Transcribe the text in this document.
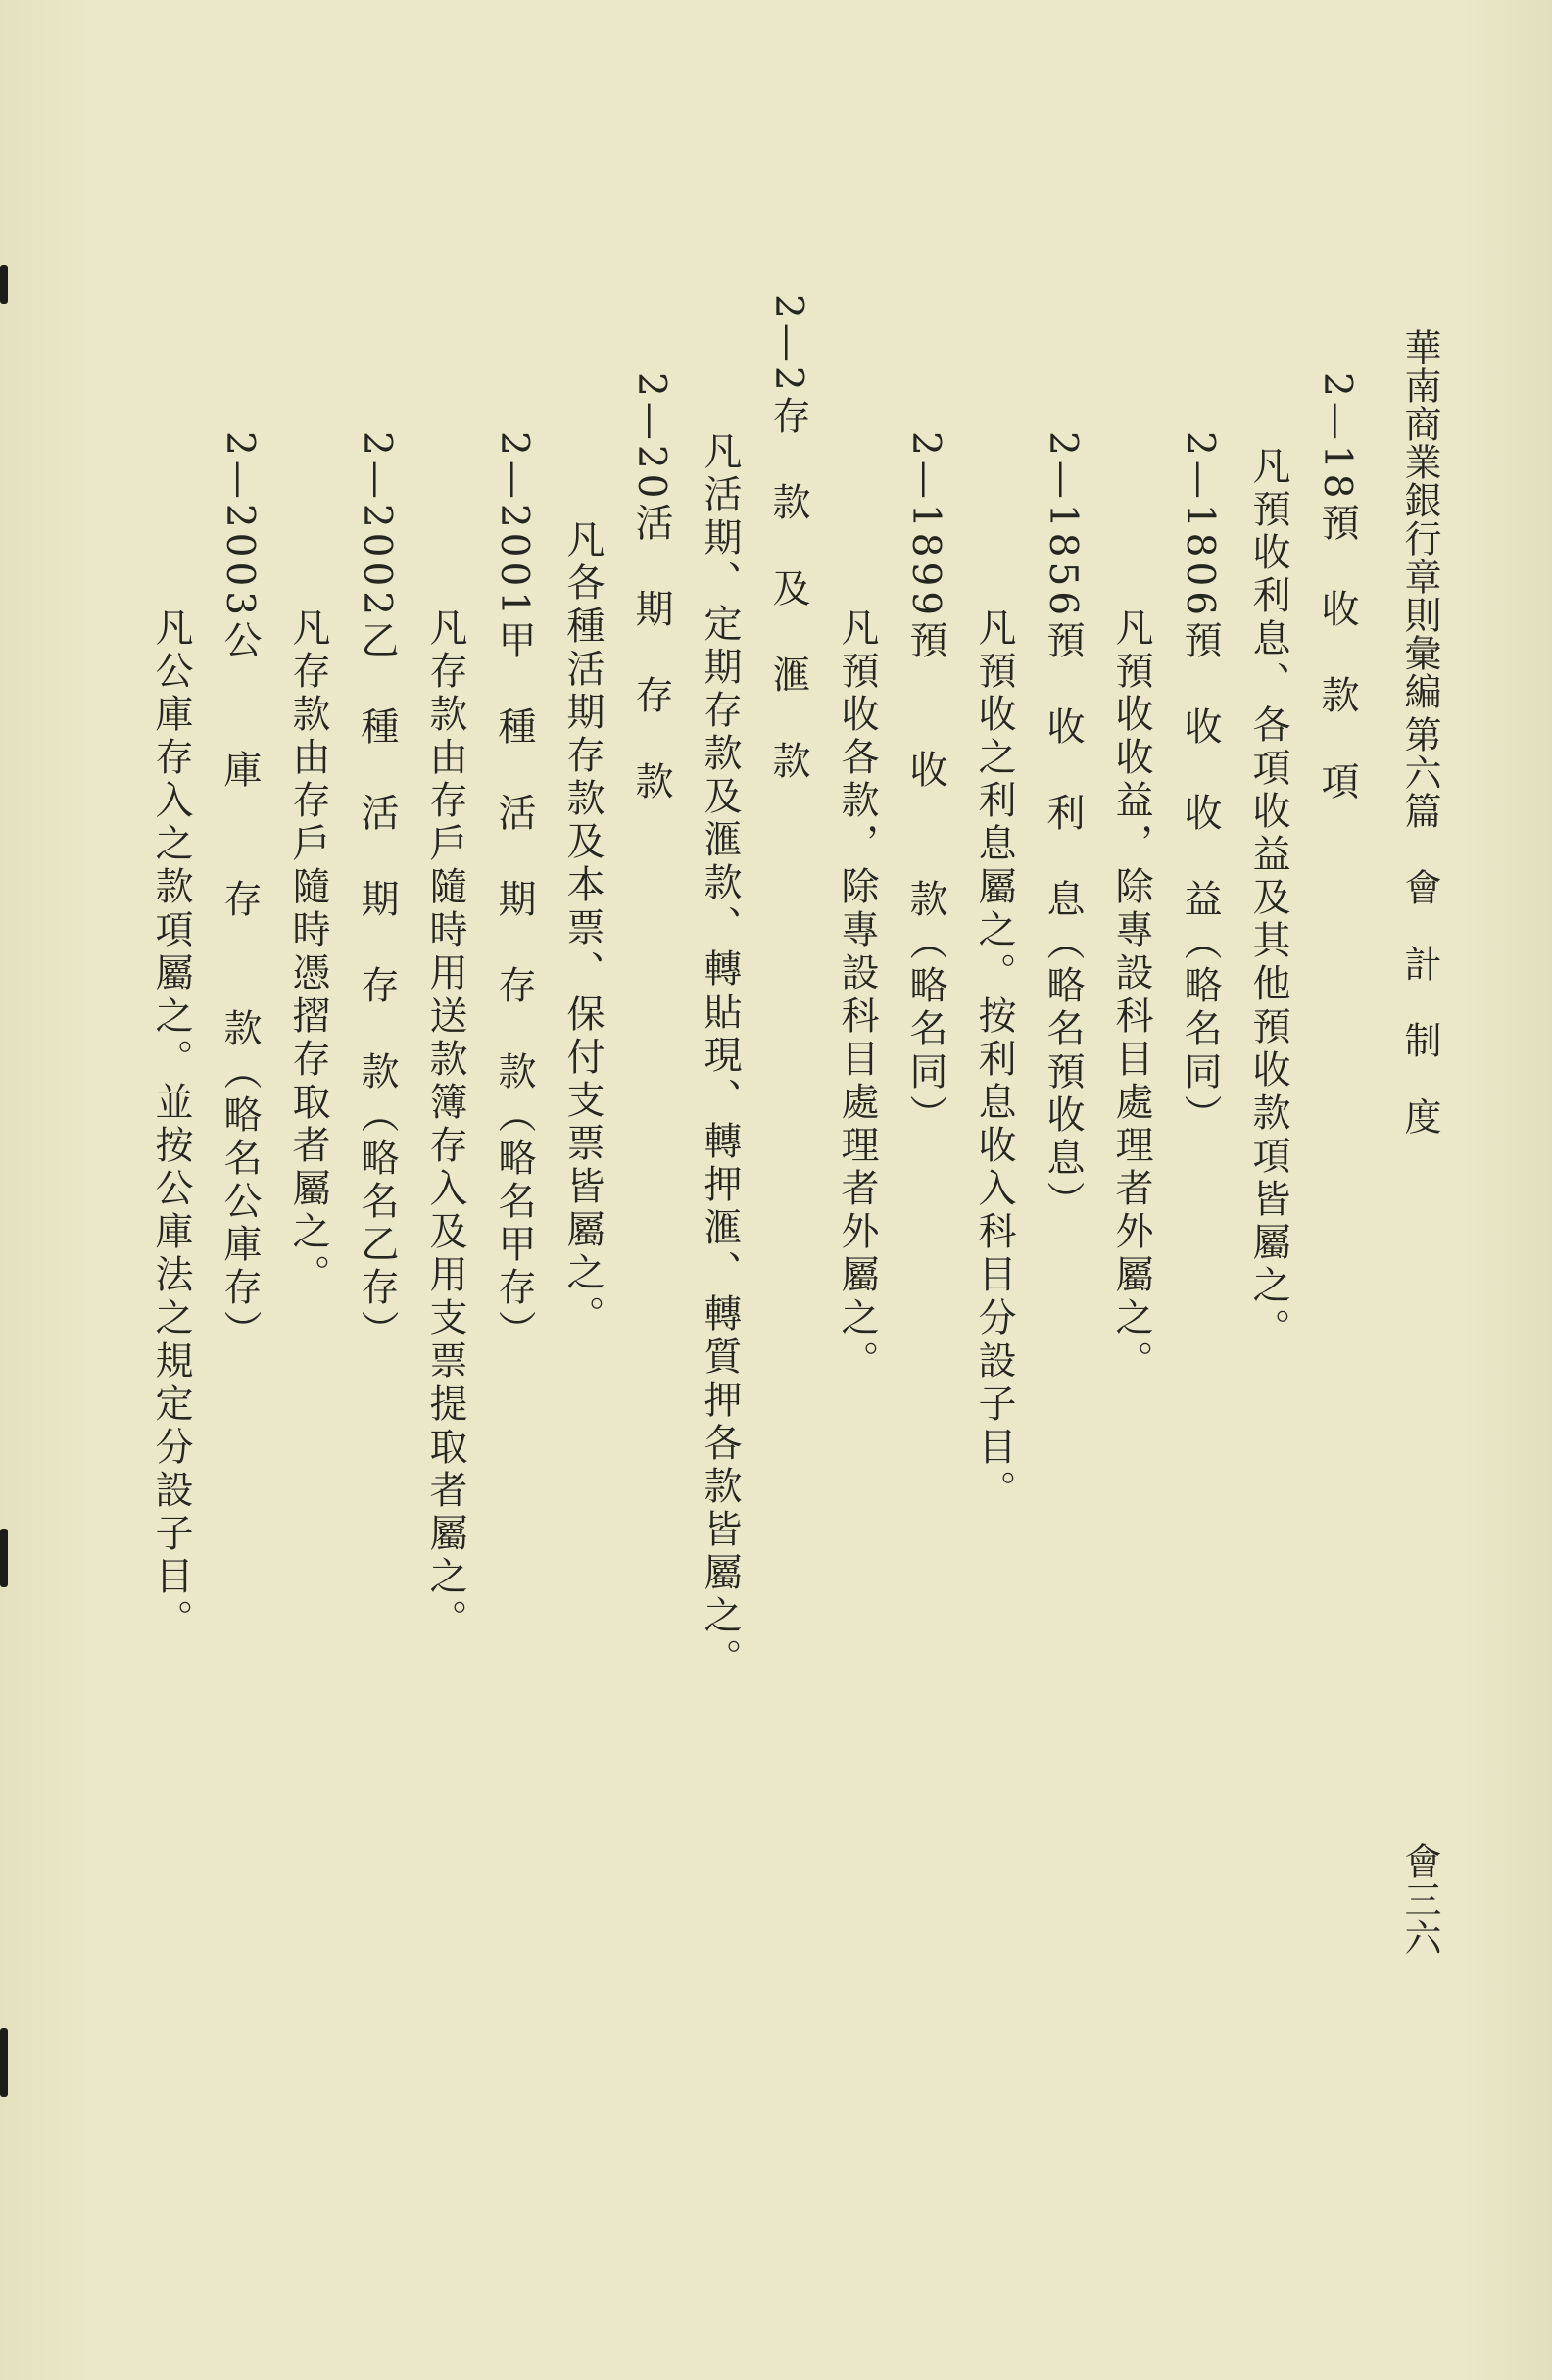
華南商業銀行章則彙編
第六篇　會　計　制　度
會三六
2—18預　收　款　項
凡預收利息、各項收益及其他預收款項皆屬之。
2—1806預　收　收　益（略名同）
凡預收收益，除專設科目處理者外屬之。
2—1856預　收　利　息（略名預收息）
凡預收之利息屬之。按利息收入科目分設子目。
2—1899預　　收　　款（略名同）
凡預收各款，除專設科目處理者外屬之。
2—2存　款　及　滙　款
凡活期、定期存款及滙款、轉貼現、轉押滙、轉質押各款皆屬之。
2—20活　期　存　款
凡各種活期存款及本票、保付支票皆屬之。
2—2001甲　種　活　期　存　款（略名甲存）
凡存款由存戶隨時用送款簿存入及用支票提取者屬之。
2—2002乙　種　活　期　存　款（略名乙存）
凡存款由存戶隨時憑摺存取者屬之。
2—2003公　　庫　　存　　款（略名公庫存）
凡公庫存入之款項屬之。並按公庫法之規定分設子目。
